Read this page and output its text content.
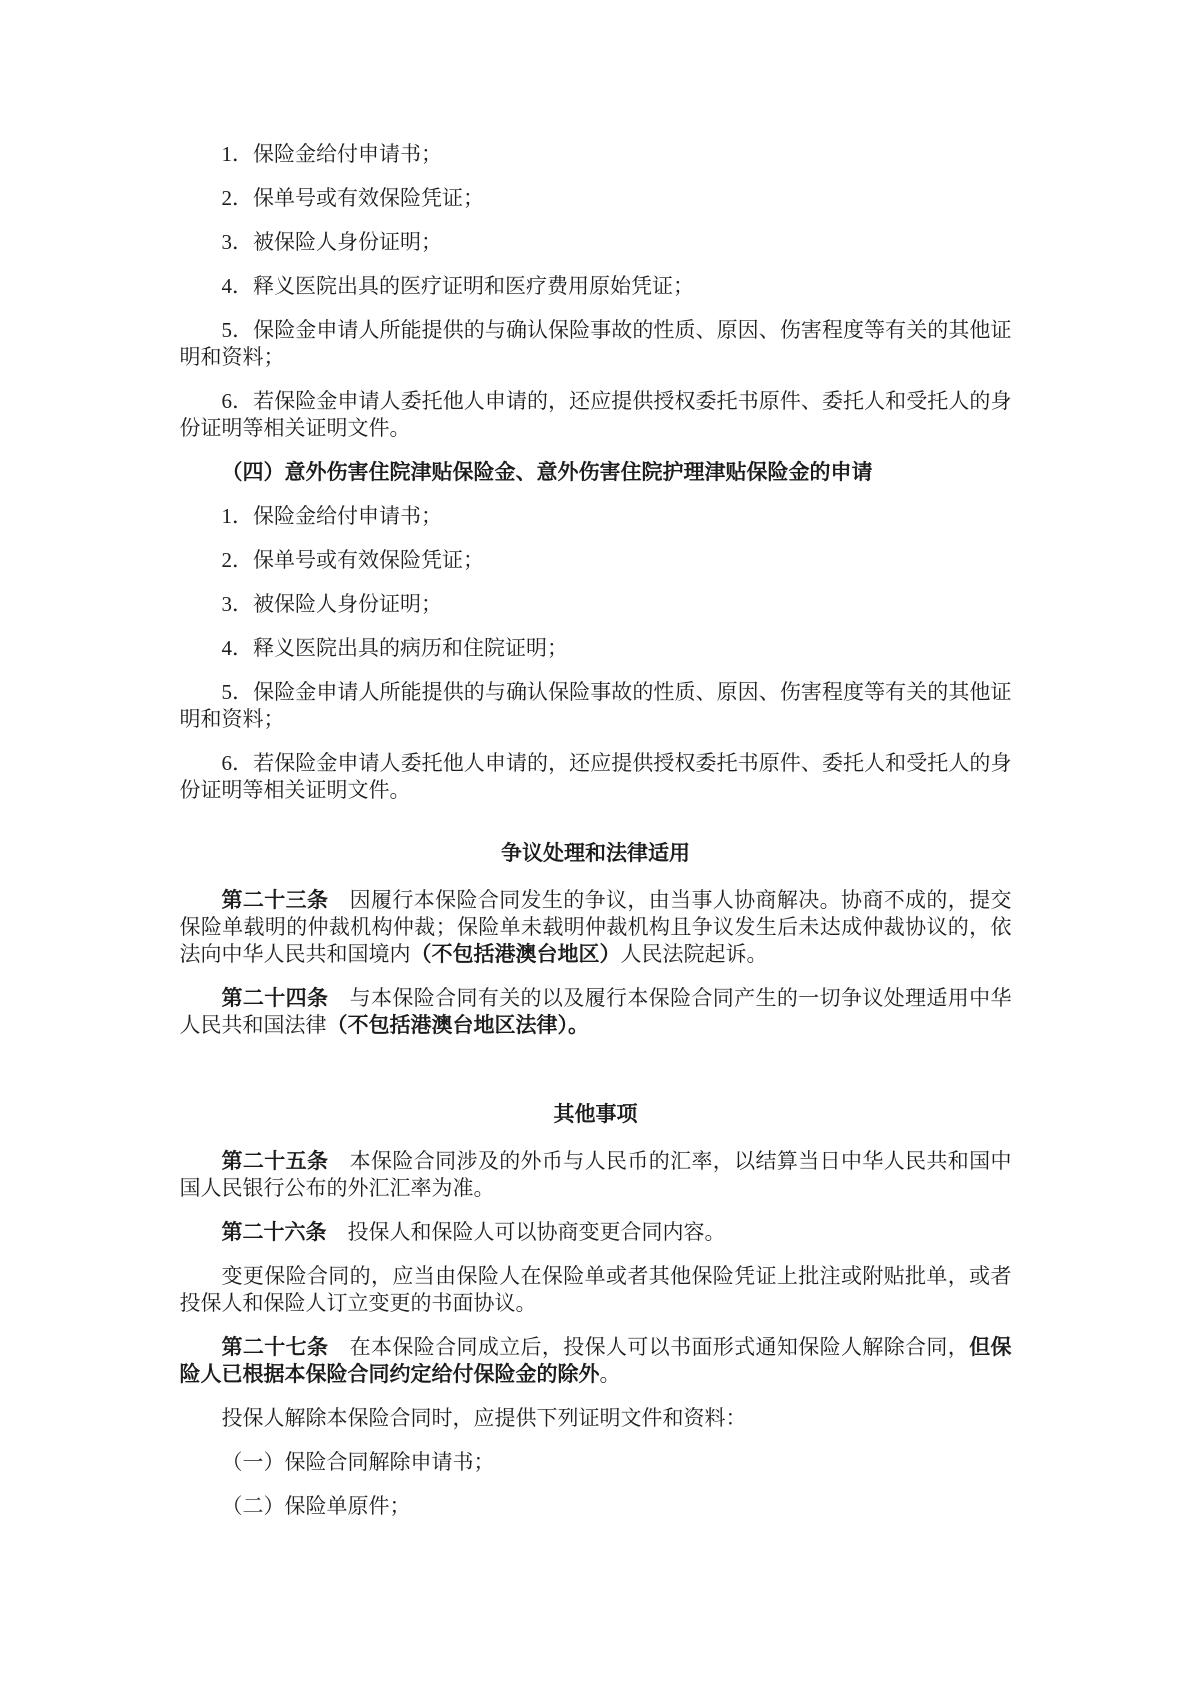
1．保险金给付申请书；

2．保单号或有效保险凭证；

3．被保险人身份证明；

4．释义医院出具的医疗证明和医疗费用原始凭证；

5．保险金申请人所能提供的与确认保险事故的性质、原因、伤害程度等有关的其他证明和资料；

6．若保险金申请人委托他人申请的，还应提供授权委托书原件、委托人和受托人的身份证明等相关证明文件。

（四）意外伤害住院津贴保险金、意外伤害住院护理津贴保险金的申请

1．保险金给付申请书；

2．保单号或有效保险凭证；

3．被保险人身份证明；

4．释义医院出具的病历和住院证明；

5．保险金申请人所能提供的与确认保险事故的性质、原因、伤害程度等有关的其他证明和资料；

6．若保险金申请人委托他人申请的，还应提供授权委托书原件、委托人和受托人的身份证明等相关证明文件。

争议处理和法律适用

第二十三条　因履行本保险合同发生的争议，由当事人协商解决。协商不成的，提交保险单载明的仲裁机构仲裁；保险单未载明仲裁机构且争议发生后未达成仲裁协议的，依法向中华人民共和国境内（不包括港澳台地区）人民法院起诉。

第二十四条　与本保险合同有关的以及履行本保险合同产生的一切争议处理适用中华人民共和国法律（不包括港澳台地区法律）。

其他事项

第二十五条　本保险合同涉及的外币与人民币的汇率，以结算当日中华人民共和国中国人民银行公布的外汇汇率为准。

第二十六条　投保人和保险人可以协商变更合同内容。

变更保险合同的，应当由保险人在保险单或者其他保险凭证上批注或附贴批单，或者投保人和保险人订立变更的书面协议。

第二十七条　在本保险合同成立后，投保人可以书面形式通知保险人解除合同，但保险人已根据本保险合同约定给付保险金的除外。

投保人解除本保险合同时，应提供下列证明文件和资料：

（一）保险合同解除申请书；

（二）保险单原件；
